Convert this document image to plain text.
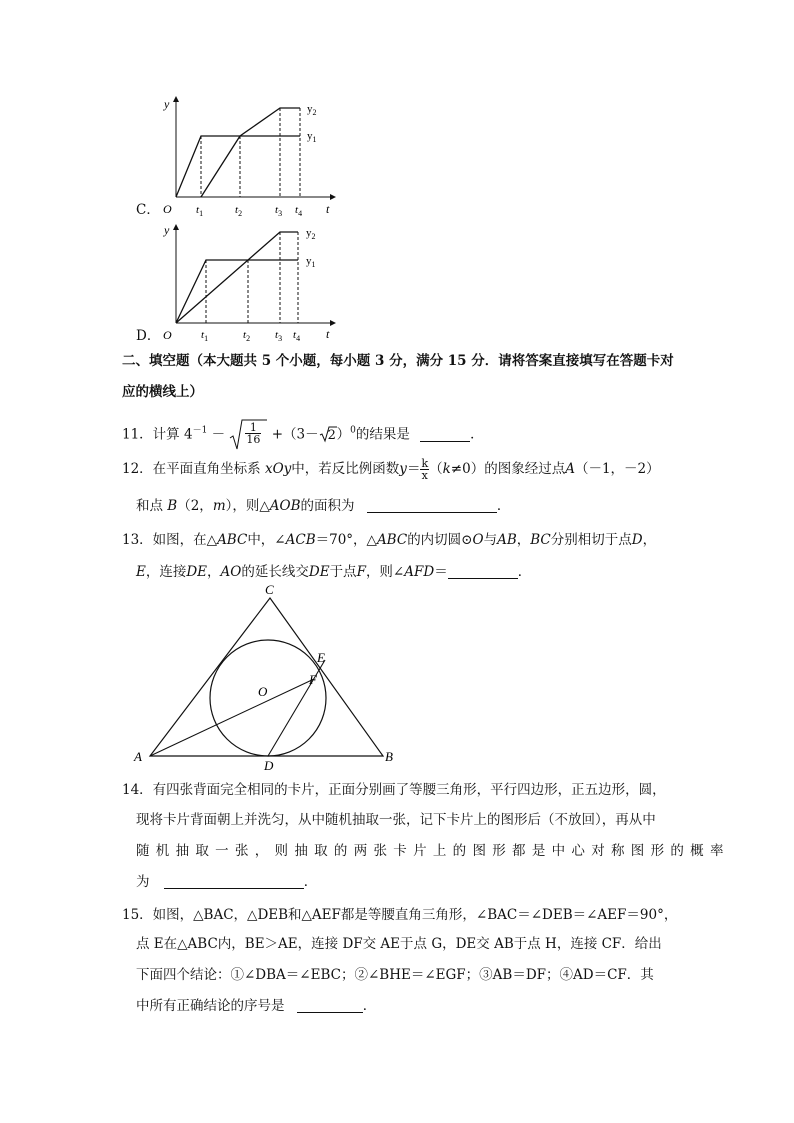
C．
y
t
O
$y_2$
$y_1$
$t_1$	$t_2$	$t_3$ $t_4$
D．
y
t
O
$y_2$
$y_1$
$t_1$	$t_2$ $t_3$ $t_4$
二、填空题（本大题共 5 个小题，每小题 3 分，满分 15 分．请将答案直接填写在答题卡对
应的横线上）
11．计算 $4^{-1} - \frac{1}{16} +(3- 2$ ）$^0$的结果是	．
12．在平面直角坐标系 xOy中，若反比例函数$y= \frac{k}{x} (k\ne 0)$的图象经过点A（－1，－2）
和点 B（2，m），则△AOB的面积为	．
13．如图，在△ABC中，∠ACB＝70°，△ABC的内切圆⊙O与AB，BC分别相切于点D，
E，连接DE，AO的延长线交DE于点F，则∠AFD＝	．
A	B
C
D
E
F
O
14．有四张背面完全相同的卡片，正面分别画了等腰三角形，平行四边形，正五边形，圆，
现将卡片背面朝上并洗匀，从中随机抽取一张，记下卡片上的图形后（不放回），再从中
随 机 抽 取 一 张 ， 则 抽 取 的 两 张 卡 片 上 的 图 形 都 是 中 心 对 称 图 形 的 概 率
为	．
15．如图，△BAC，△DEB和△AEF都是等腰直角三角形，∠BAC＝∠DEB＝∠AEF＝90°，
点 E在△ABC内，BE＞AE，连接 DF交 AE于点 G，DE交 AB于点 H，连接 CF．给出
下面四个结论：①∠DBA＝∠EBC；②∠BHE＝∠EGF；③AB＝DF；④AD＝CF．其
中所有正确结论的序号是	．
